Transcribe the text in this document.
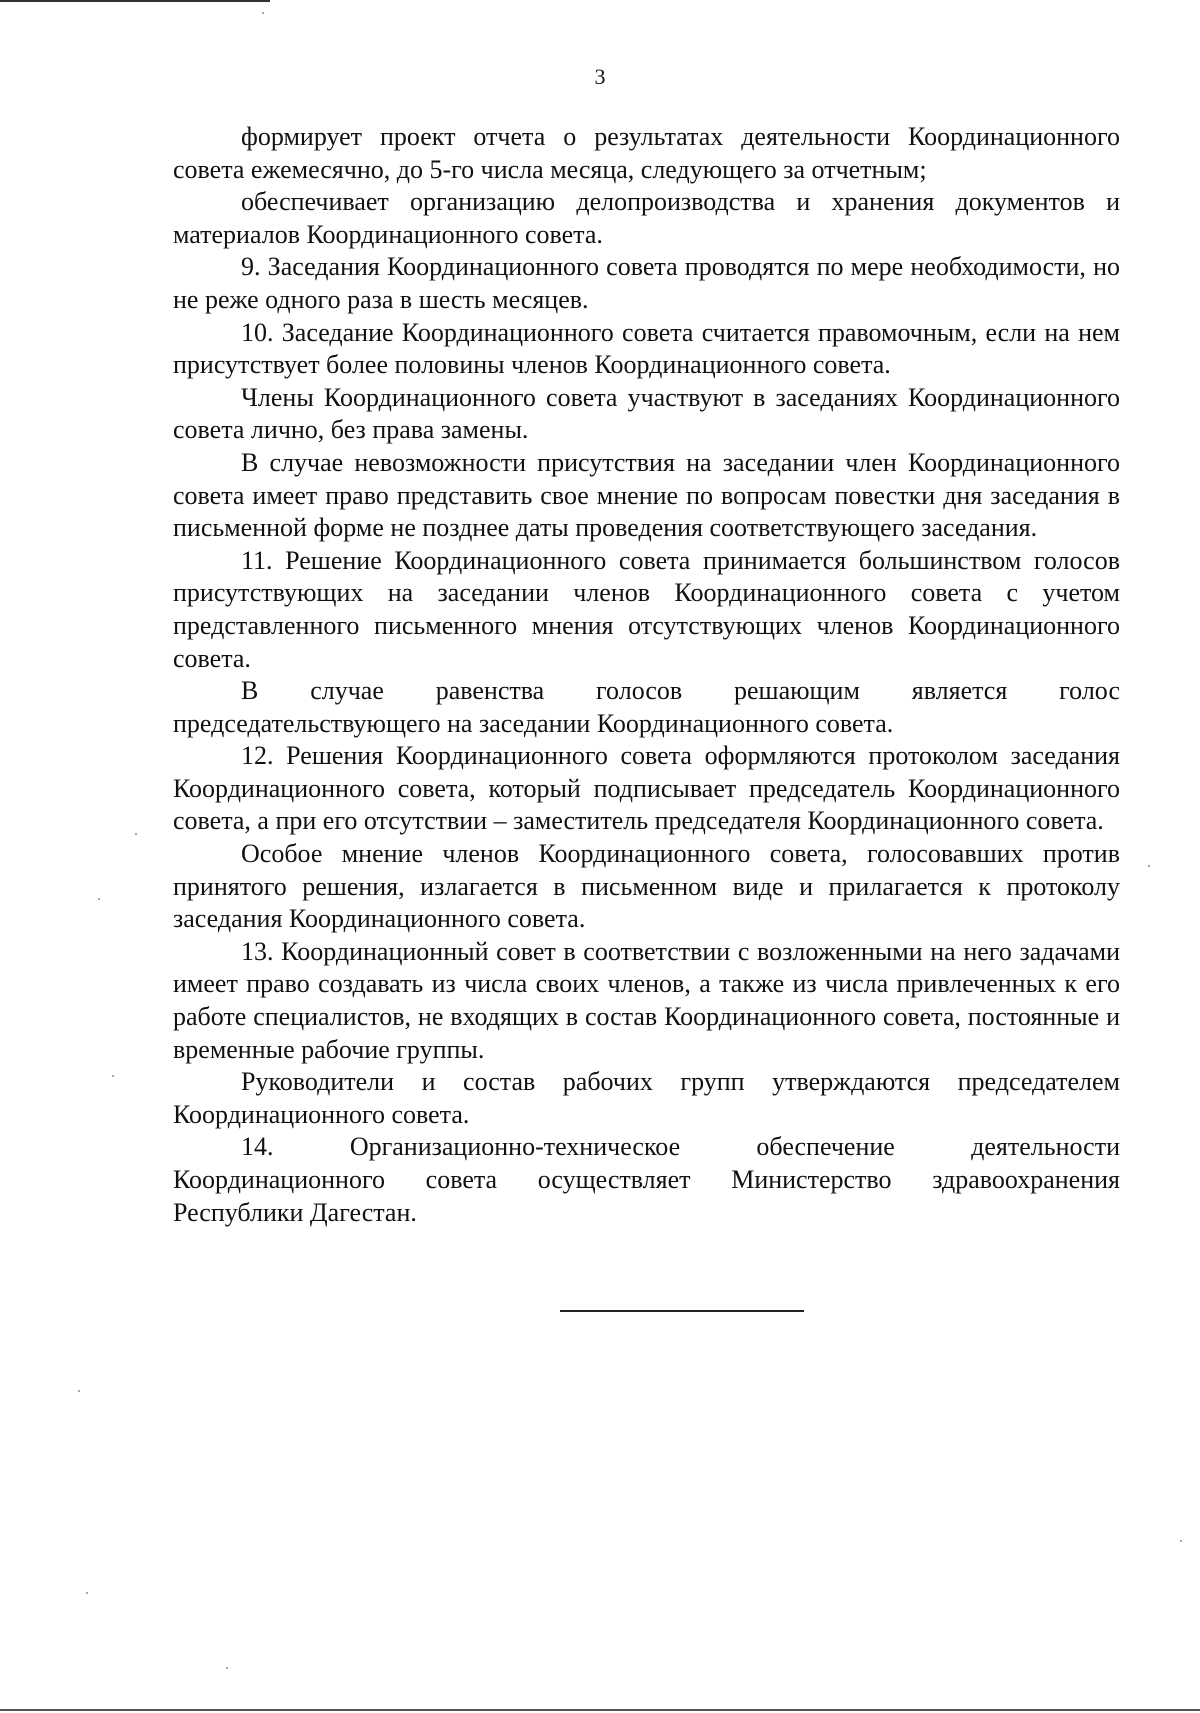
3

формирует проект отчета о результатах деятельности Координационного совета ежемесячно, до 5-го числа месяца, следующего за отчетным;

обеспечивает организацию делопроизводства и хранения документов и материалов Координационного совета.

9. Заседания Координационного совета проводятся по мере необходимости, но не реже одного раза в шесть месяцев.

10. Заседание Координационного совета считается правомочным, если на нем присутствует более половины членов Координационного совета.

Члены Координационного совета участвуют в заседаниях Координационного совета лично, без права замены.

В случае невозможности присутствия на заседании член Координационного совета имеет право представить свое мнение по вопросам повестки дня заседания в письменной форме не позднее даты проведения соответствующего заседания.

11. Решение Координационного совета принимается большинством голосов присутствующих на заседании членов Координационного совета с учетом представленного письменного мнения отсутствующих членов Координационного совета.

В случае равенства голосов решающим является голос председательствующего на заседании Координационного совета.

12. Решения Координационного совета оформляются протоколом заседания Координационного совета, который подписывает председатель Координационного совета, а при его отсутствии – заместитель председателя Координационного совета.

Особое мнение членов Координационного совета, голосовавших против принятого решения, излагается в письменном виде и прилагается к протоколу заседания Координационного совета.

13. Координационный совет в соответствии с возложенными на него задачами имеет право создавать из числа своих членов, а также из числа привлеченных к его работе специалистов, не входящих в состав Координационного совета, постоянные и временные рабочие группы.

Руководители и состав рабочих групп утверждаются председателем Координационного совета.

14. Организационно-техническое обеспечение деятельности Координационного совета осуществляет Министерство здравоохранения Республики Дагестан.
